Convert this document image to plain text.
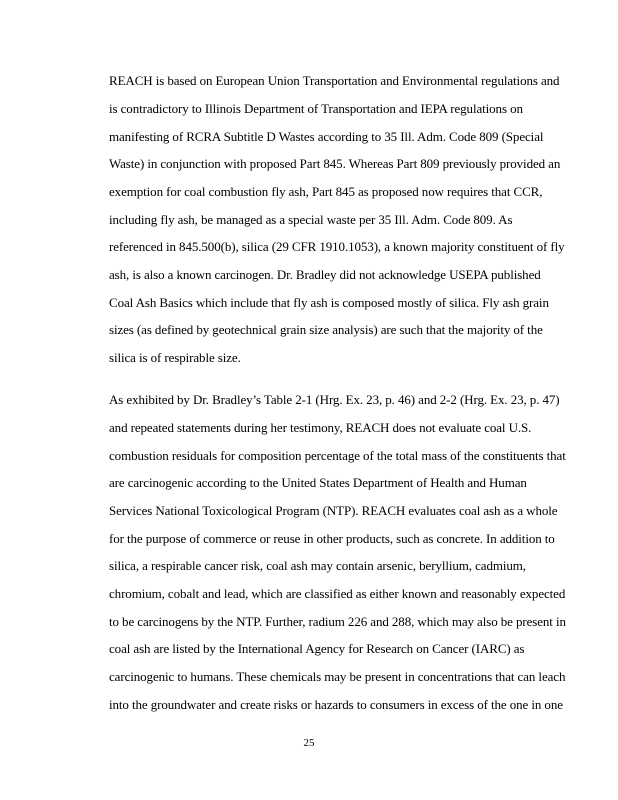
REACH is based on European Union Transportation and Environmental regulations and
is contradictory to Illinois Department of Transportation and IEPA regulations on
manifesting of RCRA Subtitle D Wastes according to 35 Ill. Adm. Code 809 (Special
Waste) in conjunction with proposed Part 845. Whereas Part 809 previously provided an
exemption for coal combustion fly ash, Part 845 as proposed now requires that CCR,
including fly ash, be managed as a special waste per 35 Ill. Adm. Code 809. As
referenced in 845.500(b), silica (29 CFR 1910.1053), a known majority constituent of fly
ash, is also a known carcinogen. Dr. Bradley did not acknowledge USEPA published
Coal Ash Basics which include that fly ash is composed mostly of silica. Fly ash grain
sizes (as defined by geotechnical grain size analysis) are such that the majority of the
silica is of respirable size.
As exhibited by Dr. Bradley’s Table 2-1 (Hrg. Ex. 23, p. 46) and 2-2 (Hrg. Ex. 23, p. 47)
and repeated statements during her testimony, REACH does not evaluate coal U.S.
combustion residuals for composition percentage of the total mass of the constituents that
are carcinogenic according to the United States Department of Health and Human
Services National Toxicological Program (NTP). REACH evaluates coal ash as a whole
for the purpose of commerce or reuse in other products, such as concrete. In addition to
silica, a respirable cancer risk, coal ash may contain arsenic, beryllium, cadmium,
chromium, cobalt and lead, which are classified as either known and reasonably expected
to be carcinogens by the NTP. Further, radium 226 and 288, which may also be present in
coal ash are listed by the International Agency for Research on Cancer (IARC) as
carcinogenic to humans. These chemicals may be present in concentrations that can leach
into the groundwater and create risks or hazards to consumers in excess of the one in one
25
